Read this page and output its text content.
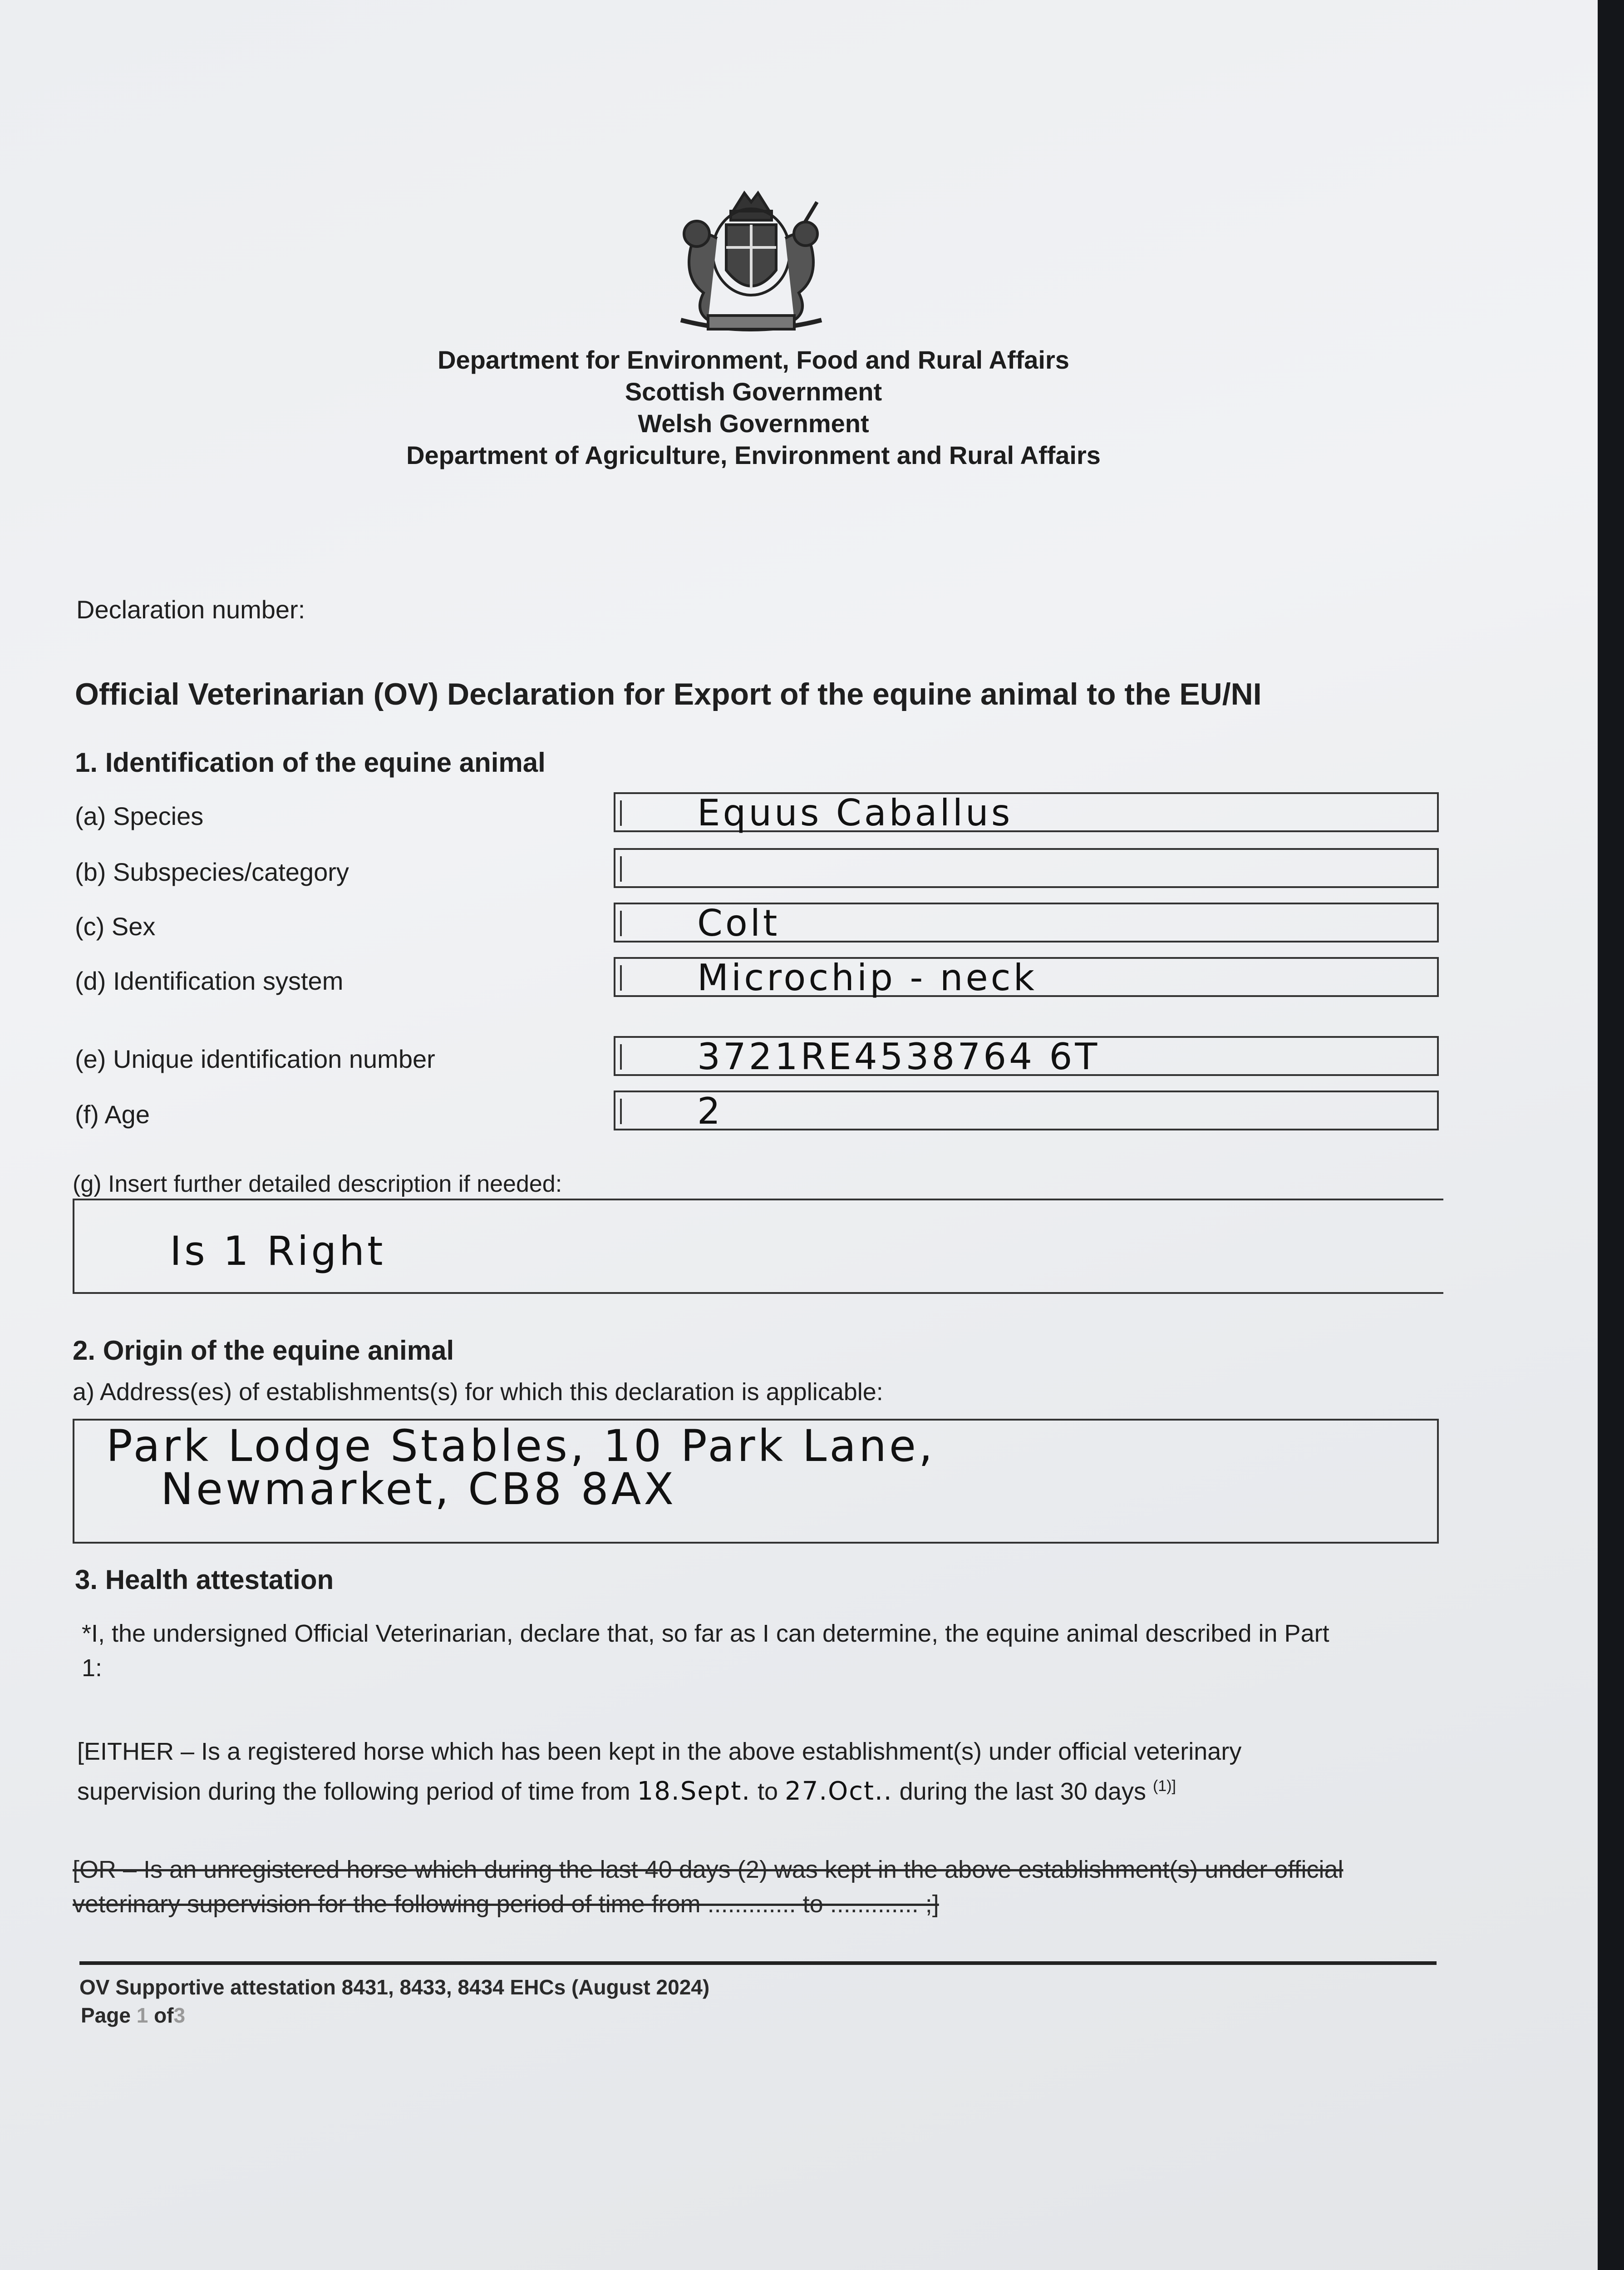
Department for Environment, Food and Rural Affairs
Scottish Government
Welsh Government
Department of Agriculture, Environment and Rural Affairs
Declaration number:
Official Veterinarian (OV) Declaration for Export of the equine animal to the EU/NI
1. Identification of the equine animal
(a) Species	Equus Caballus
(b) Subspecies/category
(c) Sex	Colt
(d) Identification system	Microchip - neck
(e) Unique identification number	3721RE4538764 6T
(f) Age	2
(g) Insert further detailed description if needed:
Is 1 Right
2. Origin of the equine animal
a) Address(es) of establishments(s) for which this declaration is applicable:
Park Lodge Stables, 10 Park Lane,
Newmarket, CB8 8AX
3. Health attestation
*I, the undersigned Official Veterinarian, declare that, so far as I can determine, the equine animal described in Part
1:
[EITHER – Is a registered horse which has been kept in the above establishment(s) under official veterinary
supervision during the following period of time from 18.Sept. to 27.Oct.. during the last 30 days $^{(1)]}$
[OR – Is an unregistered horse which during the last 40 days (2) was kept in the above establishment(s) under official
veterinary supervision for the following period of time from ............. to ............. ;]
OV Supportive attestation 8431, 8433, 8434 EHCs (August 2024)
Page 1 of3
